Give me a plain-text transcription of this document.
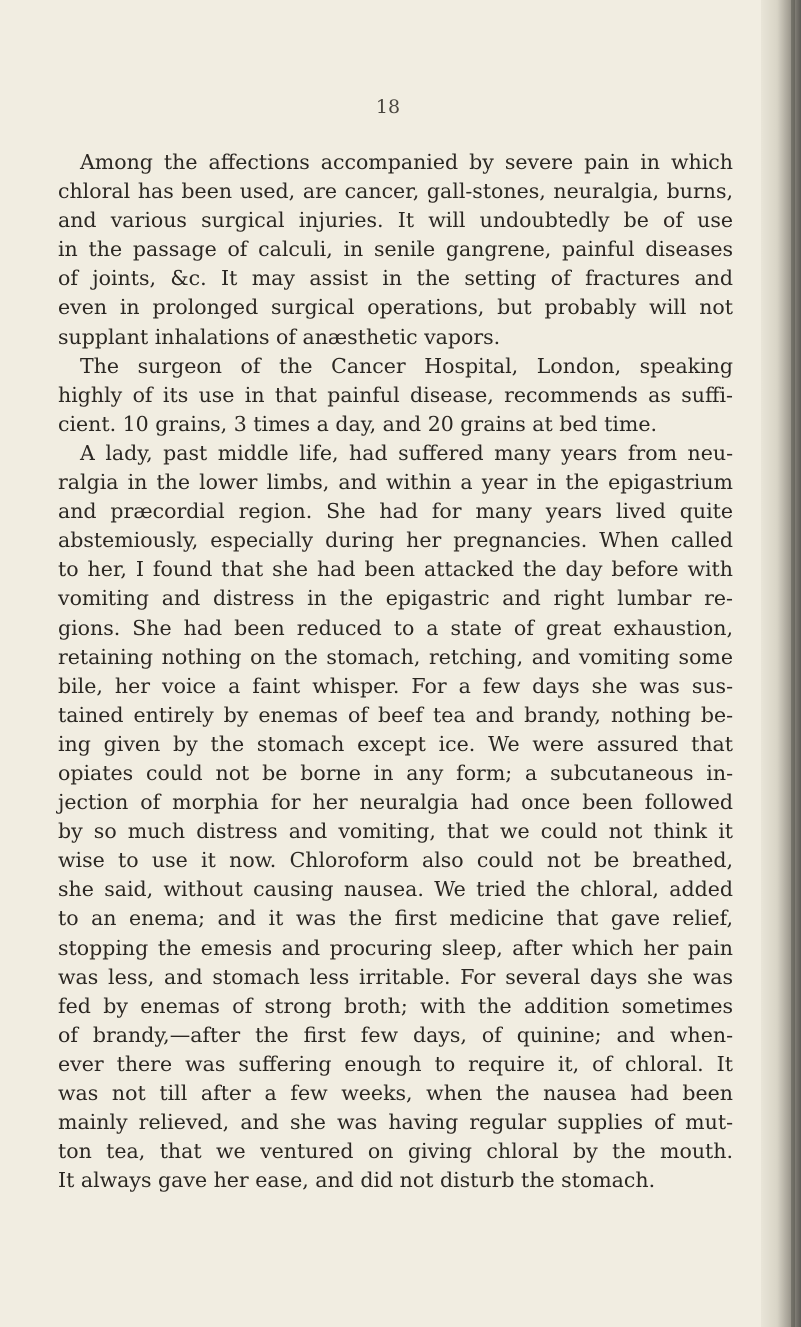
18
Among the affections accompanied by severe pain in which
chloral has been used, are cancer, gall-stones, neuralgia, burns,
and various surgical injuries. It will undoubtedly be of use
in the passage of calculi, in senile gangrene, painful diseases
of joints, &c. It may assist in the setting of fractures and
even in prolonged surgical operations, but probably will not
supplant inhalations of anæsthetic vapors.
The surgeon of the Cancer Hospital, London, speaking
highly of its use in that painful disease, recommends as suffi-
cient. 10 grains, 3 times a day, and 20 grains at bed time.
A lady, past middle life, had suffered many years from neu-
ralgia in the lower limbs, and within a year in the epigastrium
and præcordial region. She had for many years lived quite
abstemiously, especially during her pregnancies. When called
to her, I found that she had been attacked the day before with
vomiting and distress in the epigastric and right lumbar re-
gions. She had been reduced to a state of great exhaustion,
retaining nothing on the stomach, retching, and vomiting some
bile, her voice a faint whisper. For a few days she was sus-
tained entirely by enemas of beef tea and brandy, nothing be-
ing given by the stomach except ice. We were assured that
opiates could not be borne in any form; a subcutaneous in-
jection of morphia for her neuralgia had once been followed
by so much distress and vomiting, that we could not think it
wise to use it now. Chloroform also could not be breathed,
she said, without causing nausea. We tried the chloral, added
to an enema; and it was the first medicine that gave relief,
stopping the emesis and procuring sleep, after which her pain
was less, and stomach less irritable. For several days she was
fed by enemas of strong broth; with the addition sometimes
of brandy,—after the first few days, of quinine; and when-
ever there was suffering enough to require it, of chloral. It
was not till after a few weeks, when the nausea had been
mainly relieved, and she was having regular supplies of mut-
ton tea, that we ventured on giving chloral by the mouth.
It always gave her ease, and did not disturb the stomach.
